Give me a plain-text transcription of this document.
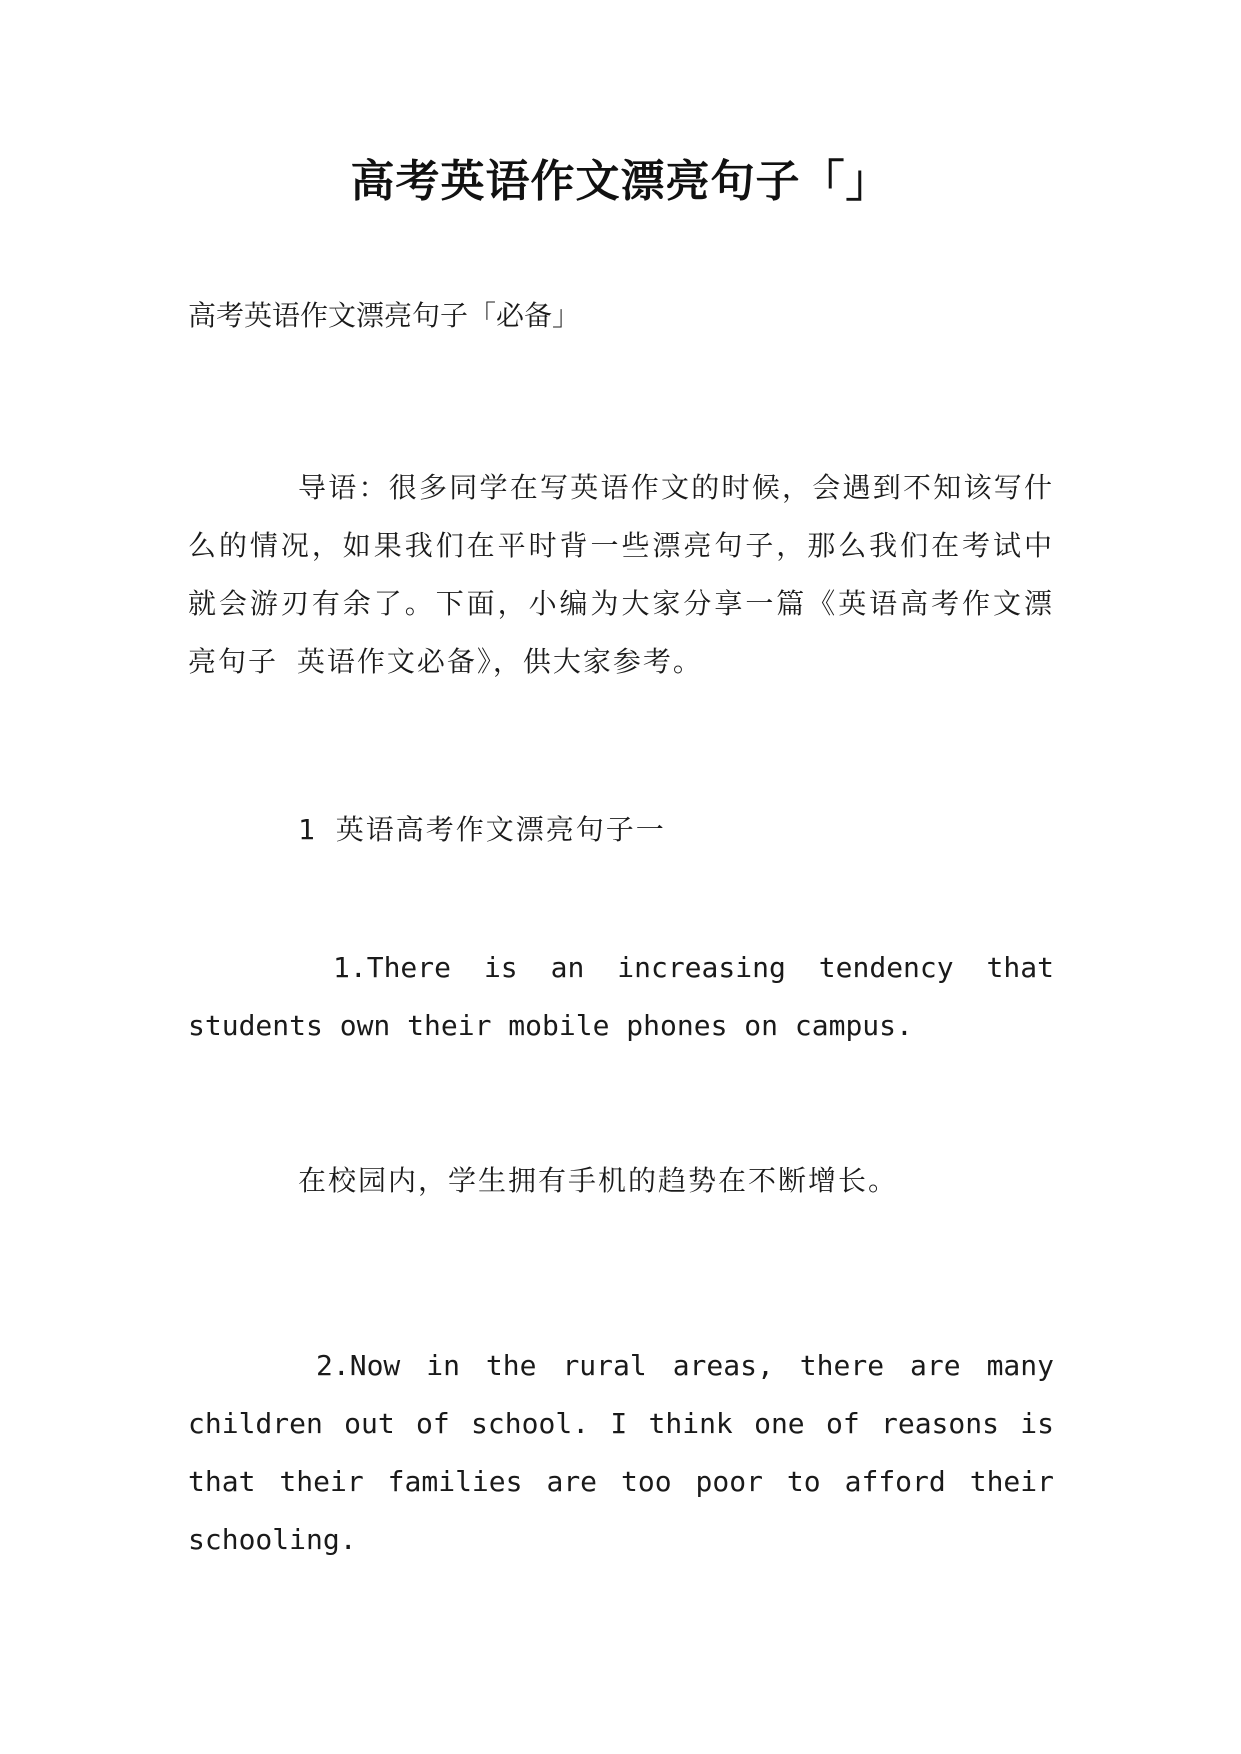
高考英语作文漂亮句子「」

高考英语作文漂亮句子「必备」

导语：很多同学在写英语作文的时候，会遇到不知该写什么的情况，如果我们在平时背一些漂亮句子，那么我们在考试中就会游刃有余了。下面，小编为大家分享一篇《英语高考作文漂亮句子 英语作文必备》，供大家参考。

1 英语高考作文漂亮句子一

1.There is an increasing tendency that students own their mobile phones on campus.

在校园内，学生拥有手机的趋势在不断增长。

2.Now in the rural areas, there are many children out of school. I think one of reasons is that their families are too poor to afford their schooling.
